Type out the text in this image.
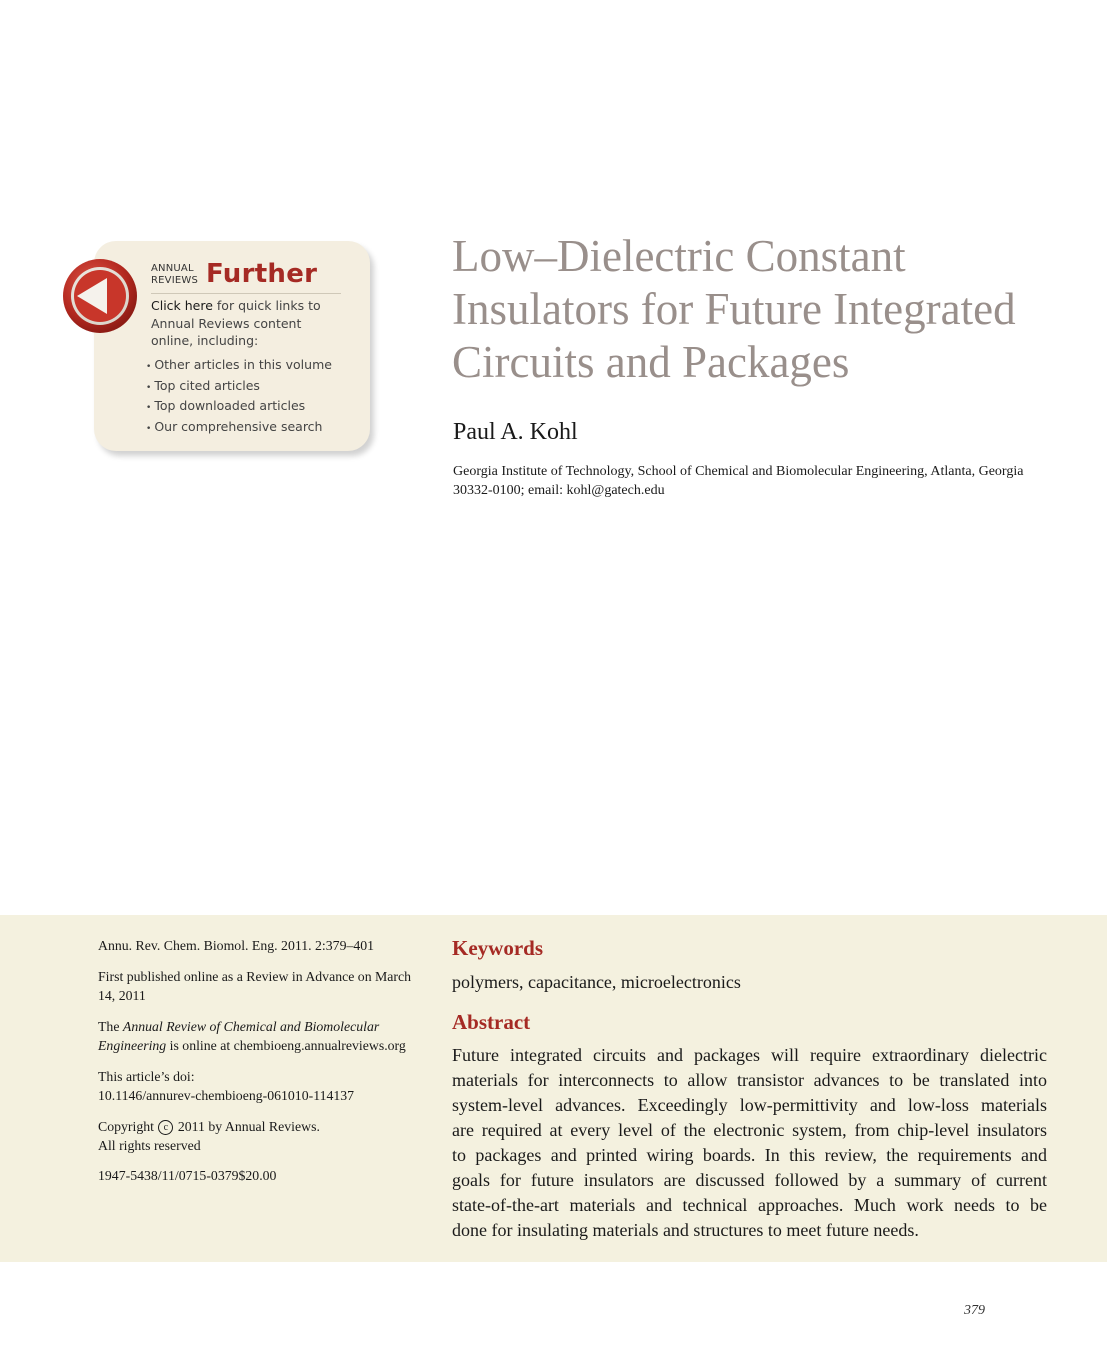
ANNUAL
REVIEWS Further
Click here for quick links to Annual Reviews content online, including:
• Other articles in this volume
• Top cited articles
• Top downloaded articles
• Our comprehensive search
Low–Dielectric Constant
Insulators for Future Integrated
Circuits and Packages
Paul A. Kohl
Georgia Institute of Technology, School of Chemical and Biomolecular Engineering, Atlanta, Georgia 30332-0100; email: kohl@gatech.edu

Annu. Rev. Chem. Biomol. Eng. 2011. 2:379–401

First published online as a Review in Advance on March 14, 2011

The Annual Review of Chemical and Biomolecular Engineering is online at chembioeng.annualreviews.org

This article’s doi:
10.1146/annurev-chembioeng-061010-114137

Copyright c 2011 by Annual Reviews.
All rights reserved

1947-5438/11/0715-0379$20.00

Keywords
polymers, capacitance, microelectronics
Abstract

Future integrated circuits and packages will require extraordinary dielectric
materials for interconnects to allow transistor advances to be translated into
system-level advances. Exceedingly low-permittivity and low-loss materials
are required at every level of the electronic system, from chip-level insulators
to packages and printed wiring boards. In this review, the requirements and
goals for future insulators are discussed followed by a summary of current
state-of-the-art materials and technical approaches. Much work needs to be
done for insulating materials and structures to meet future needs.

379
